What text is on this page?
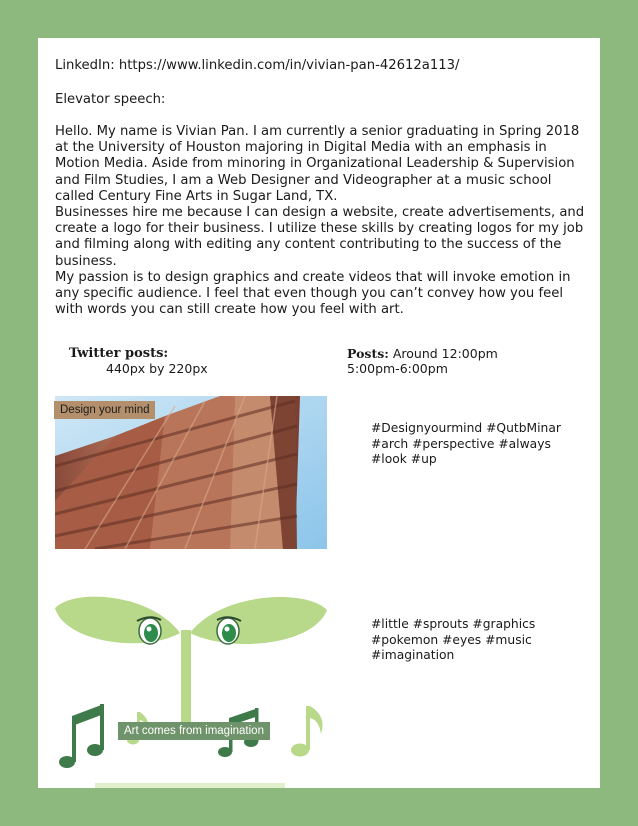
LinkedIn: https://www.linkedin.com/in/vivian-pan-42612a113/
Elevator speech:

Hello. My name is Vivian Pan. I am currently a senior graduating in Spring 2018 at the University of Houston majoring in Digital Media with an emphasis in Motion Media. Aside from minoring in Organizational Leadership & Supervision and Film Studies, I am a Web Designer and Videographer at a music school called Century Fine Arts in Sugar Land, TX.

Businesses hire me because I can design a website, create advertisements, and create a logo for their business. I utilize these skills by creating logos for my job and filming along with editing any content contributing to the success of the business.

My passion is to design graphics and create videos that will invoke emotion in any specific audience. I feel that even though you can’t convey how you feel with words you can still create how you feel with art.

Twitter posts:
440px by 220px
Posts: Around 12:00pm
5:00pm-6:00pm
Design your mind
#Designyourmind #QutbMinar
#arch #perspective #always
#look #up
Art comes from imagination
#little #sprouts #graphics
#pokemon #eyes #music
#imagination
